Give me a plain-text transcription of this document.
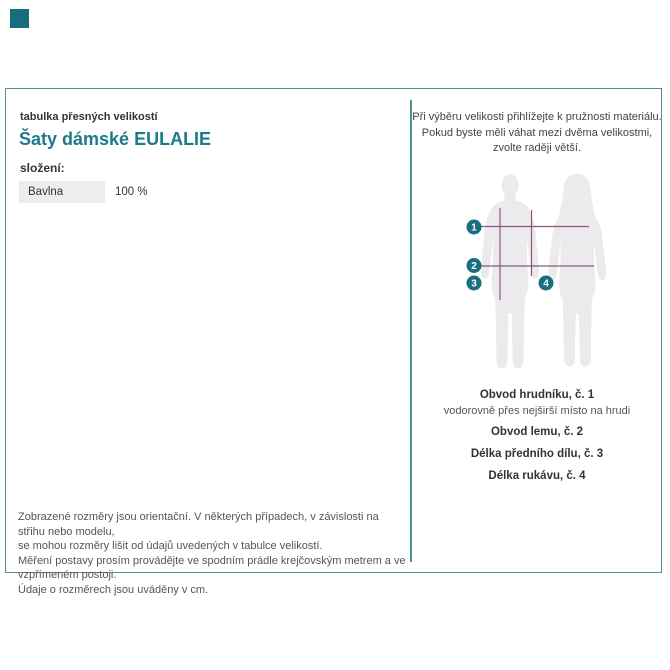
tabulka přesných velikostí
Šaty dámské EULALIE
složení:
Bavlna	100 %
Zobrazené rozměry jsou orientační. V některých případech, v závislosti na střihu nebo modelu,
se mohou rozměry lišit od údajů uvedených v tabulce velikostí.
Měření postavy prosím provádějte ve spodním prádle krejčovským metrem a ve vzpřímeném postoji.
Údaje o rozměrech jsou uváděny v cm.
Při výběru velikosti přihlížejte k pružnosti materiálu.
Pokud byste měli váhat mezi dvěma velikostmi,
zvolte raději větší.
1
2
3	4
Obvod hrudníku, č. 1
vodorovně přes nejširší místo na hrudi
Obvod lemu, č. 2
Délka předního dílu, č. 3
Délka rukávu, č. 4
